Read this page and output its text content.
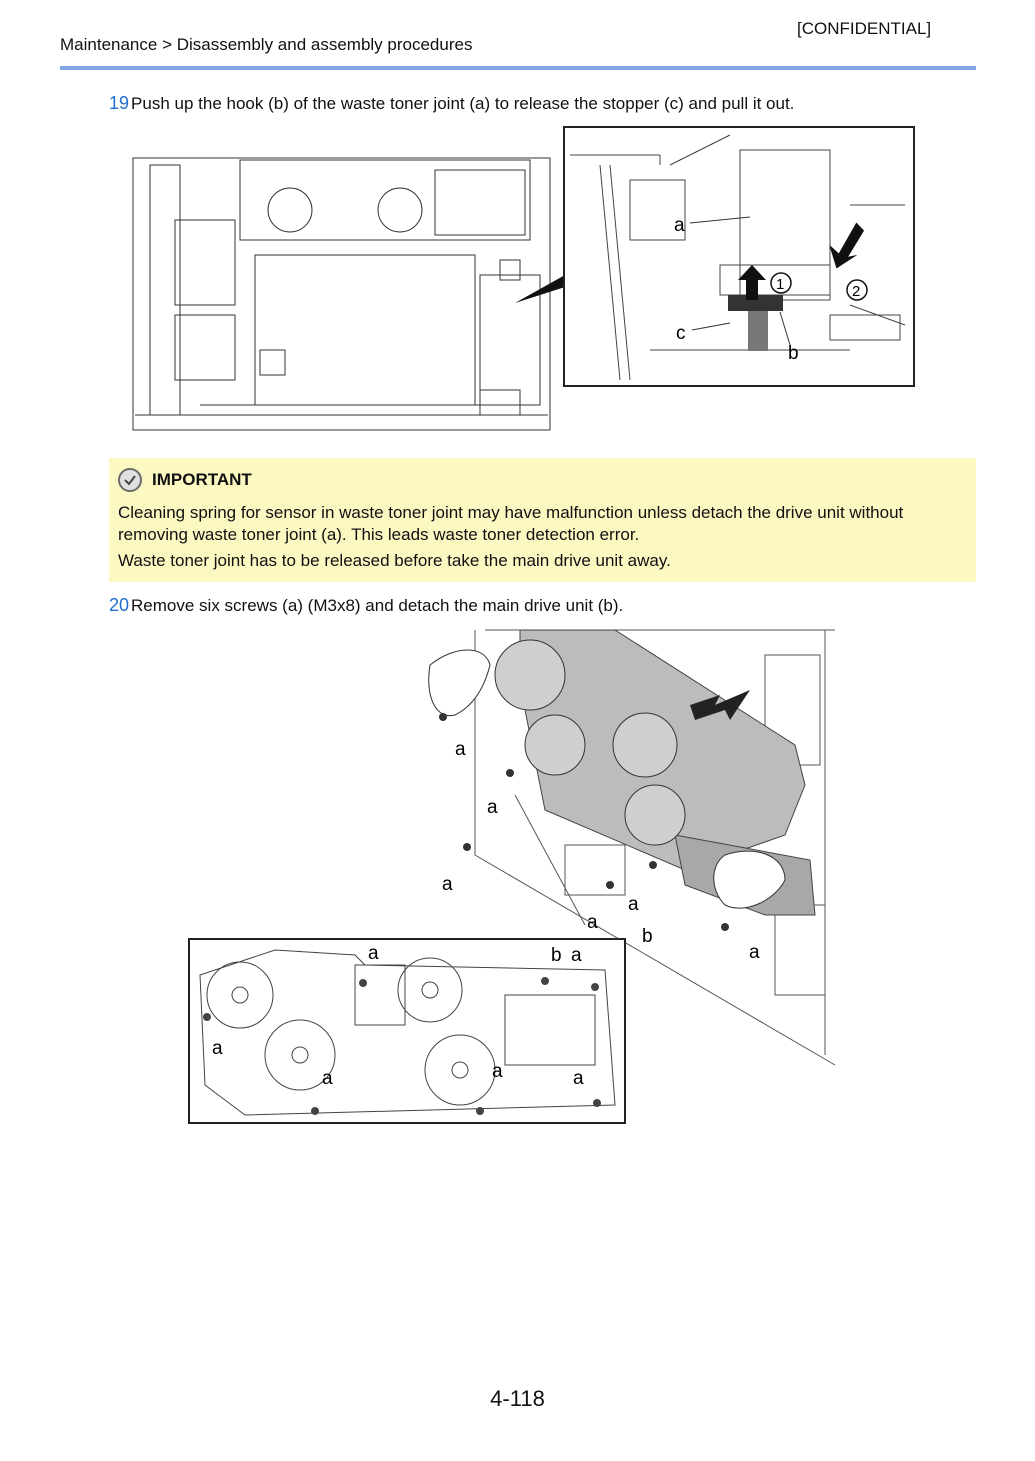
[CONFIDENTIAL]
Maintenance > Disassembly and assembly procedures
19 Push up the hook (b) of the waste toner joint (a) to release the stopper (c) and pull it out.
a
c
b
1	2
IMPORTANT

Cleaning spring for sensor in waste toner joint may have malfunction unless detach the drive unit without removing waste toner joint (a). This leads waste toner detection error.

Waste toner joint has to be released before take the main drive unit away.

20 Remove six screws (a) (M3x8) and detach the main drive unit (b).
a
a
a
a
a
b
a
a	b a
a
a	a	a
4-118
